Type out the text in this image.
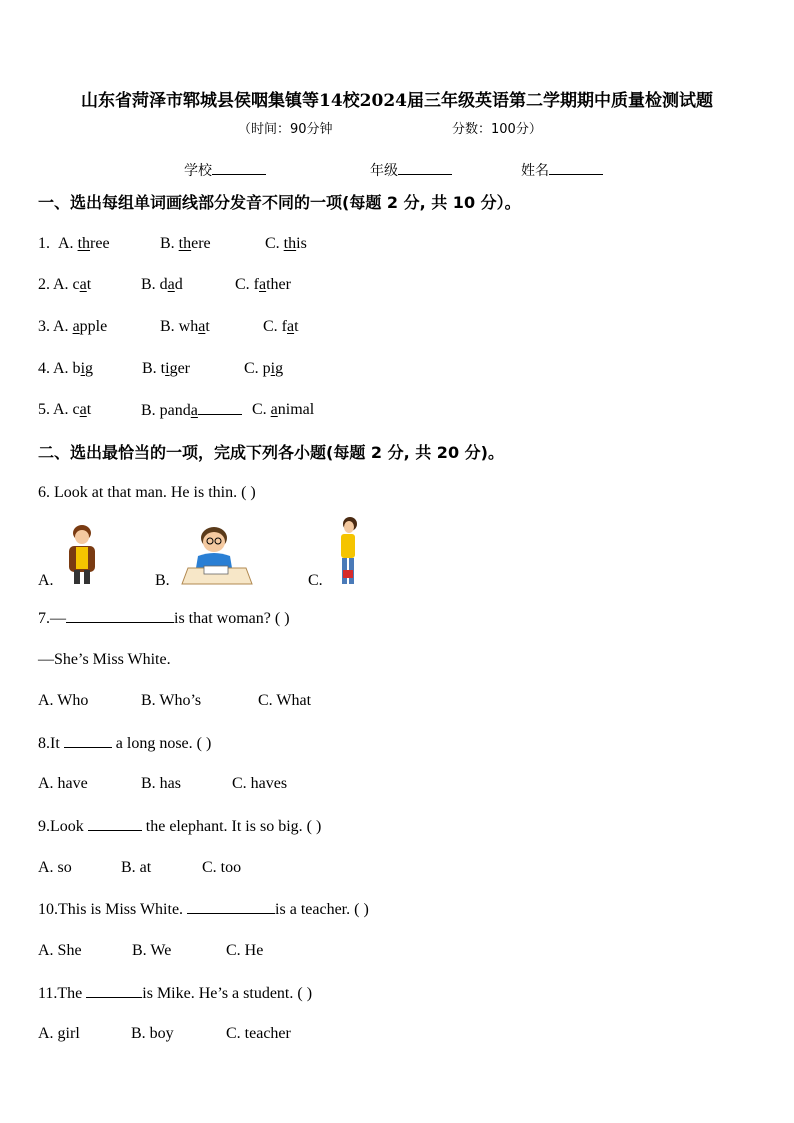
山东省菏泽市郓城县侯咽集镇等14校2024届三年级英语第二学期期中质量检测试题
（时间：90分钟	分数：100分）
学校	年级	姓名
一、选出每组单词画线部分发音不同的一项(每题 2 分, 共 10 分）。
1. A. three	B. there	C. this
2. A. cat	B. dad	C. father
3. A. apple	B. what	C. fat
4. A. big	B. tiger	C. pig
5. A. cat	B. panda	C. animal
二、选出最恰当的一项，完成下列各小题(每题 2 分, 共 20 分)。
6. Look at that man. He is thin. ( )
A.	B.	C.
7.—	is that woman? ( )
—She’s Miss White.
A. Who	B. Who’s	C. What
8.It	a long nose. ( )
A. have	B. has	C. haves
9.Look	the elephant. It is so big. ( )
A. so	B. at	C. too
10.This is Miss White.	is a teacher. ( )
A. She	B. We	C. He
11.The	is Mike. He’s a student. ( )
A. girl	B. boy	C. teacher
